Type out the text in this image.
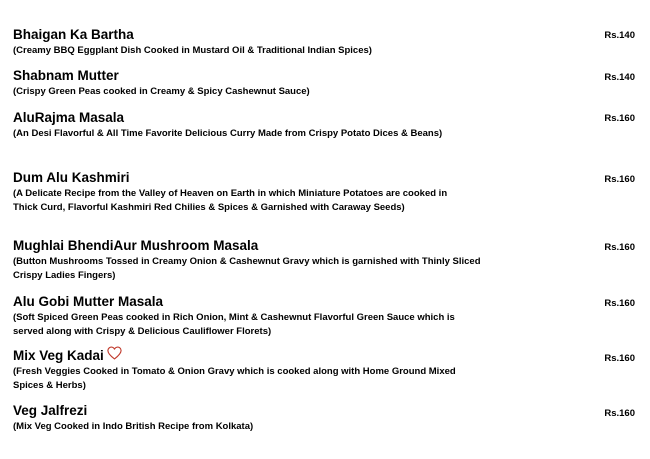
Bhaigan Ka Bartha
(Creamy BBQ Eggplant Dish Cooked in Mustard Oil & Traditional Indian Spices)
Rs.140
Shabnam Mutter
(Crispy Green Peas cooked in Creamy & Spicy Cashewnut Sauce)
Rs.140
AluRajma Masala
(An Desi Flavorful & All Time Favorite Delicious Curry Made from Crispy Potato Dices & Beans)
Rs.160
Dum Alu Kashmiri
(A Delicate Recipe from the Valley of Heaven on Earth in which Miniature Potatoes are cooked in Thick Curd, Flavorful Kashmiri Red Chilies & Spices & Garnished with Caraway Seeds)
Rs.160
Mughlai BhendiAur Mushroom Masala
(Button Mushrooms Tossed in Creamy Onion & Cashewnut Gravy which is garnished with Thinly Sliced Crispy Ladies Fingers)
Rs.160
Alu Gobi Mutter Masala
(Soft Spiced Green Peas cooked in Rich Onion, Mint & Cashewnut Flavorful Green Sauce which is served along with Crispy & Delicious Cauliflower Florets)
Rs.160
Mix Veg Kadai
(Fresh Veggies Cooked in Tomato & Onion Gravy which is cooked along with Home Ground Mixed Spices & Herbs)
Rs.160
Veg Jalfrezi
(Mix Veg Cooked in Indo British Recipe from Kolkata)
Rs.160
